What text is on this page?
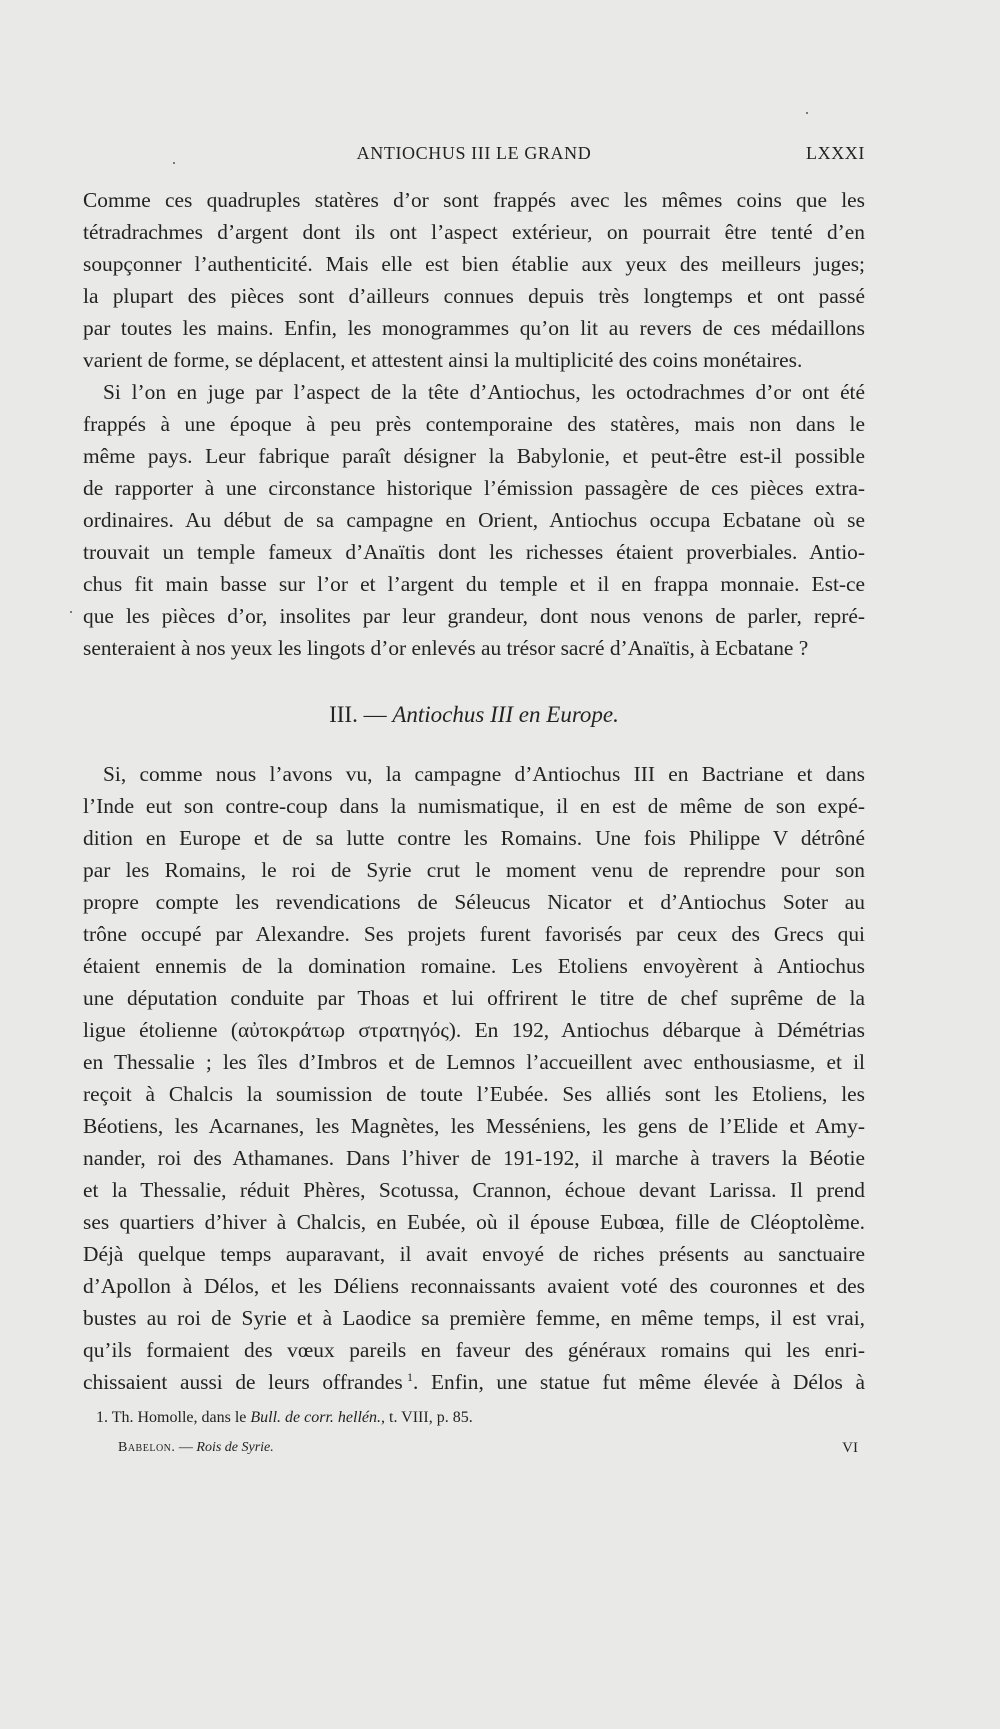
ANTIOCHUS III LE GRAND	LXXXI
Comme ces quadruples statères d’or sont frappés avec les mêmes coins que les
tétradrachmes d’argent dont ils ont l’aspect extérieur, on pourrait être tenté d’en
soupçonner l’authenticité. Mais elle est bien établie aux yeux des meilleurs juges;
la plupart des pièces sont d’ailleurs connues depuis très longtemps et ont passé
par toutes les mains. Enfin, les monogrammes qu’on lit au revers de ces médaillons
varient de forme, se déplacent, et attestent ainsi la multiplicité des coins monétaires.
Si l’on en juge par l’aspect de la tête d’Antiochus, les octodrachmes d’or ont été
frappés à une époque à peu près contemporaine des statères, mais non dans le
même pays. Leur fabrique paraît désigner la Babylonie, et peut-être est-il possible
de rapporter à une circonstance historique l’émission passagère de ces pièces extra-
ordinaires. Au début de sa campagne en Orient, Antiochus occupa Ecbatane où se
trouvait un temple fameux d’Anaïtis dont les richesses étaient proverbiales. Antio-
chus fit main basse sur l’or et l’argent du temple et il en frappa monnaie. Est-ce
que les pièces d’or, insolites par leur grandeur, dont nous venons de parler, repré-
senteraient à nos yeux les lingots d’or enlevés au trésor sacré d’Anaïtis, à Ecbatane ?
III. — Antiochus III en Europe.
Si, comme nous l’avons vu, la campagne d’Antiochus III en Bactriane et dans
l’Inde eut son contre-coup dans la numismatique, il en est de même de son expé-
dition en Europe et de sa lutte contre les Romains. Une fois Philippe V détrôné
par les Romains, le roi de Syrie crut le moment venu de reprendre pour son
propre compte les revendications de Séleucus Nicator et d’Antiochus Soter au
trône occupé par Alexandre. Ses projets furent favorisés par ceux des Grecs qui
étaient ennemis de la domination romaine. Les Etoliens envoyèrent à Antiochus
une députation conduite par Thoas et lui offrirent le titre de chef suprême de la
ligue étolienne (αὐτοκράτωρ στρατηγός). En 192, Antiochus débarque à Démétrias
en Thessalie ; les îles d’Imbros et de Lemnos l’accueillent avec enthousiasme, et il
reçoit à Chalcis la soumission de toute l’Eubée. Ses alliés sont les Etoliens, les
Béotiens, les Acarnanes, les Magnètes, les Messéniens, les gens de l’Elide et Amy-
nander, roi des Athamanes. Dans l’hiver de 191-192, il marche à travers la Béotie
et la Thessalie, réduit Phères, Scotussa, Crannon, échoue devant Larissa. Il prend
ses quartiers d’hiver à Chalcis, en Eubée, où il épouse Eubœa, fille de Cléoptolème.
Déjà quelque temps auparavant, il avait envoyé de riches présents au sanctuaire
d’Apollon à Délos, et les Déliens reconnaissants avaient voté des couronnes et des
bustes au roi de Syrie et à Laodice sa première femme, en même temps, il est vrai,
qu’ils formaient des vœux pareils en faveur des généraux romains qui les enri-
chissaient aussi de leurs offrandes  $^1$. Enfin, une statue fut même élevée à Délos à
1. Th. Homolle, dans le Bull. de corr. hellén., t. VIII, p. 85.
Babelon. — Rois de Syrie.	VI
